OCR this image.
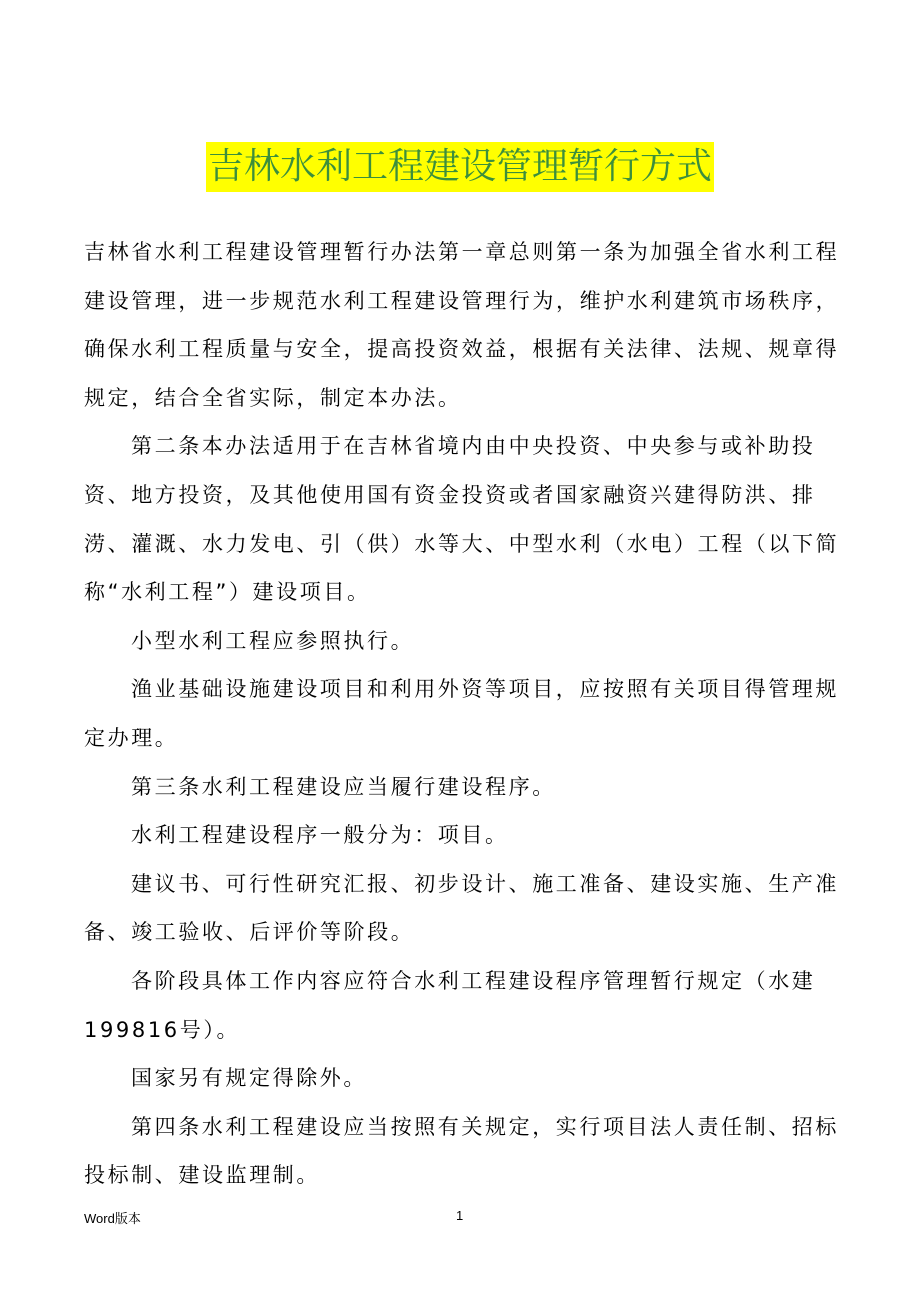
吉林水利工程建设管理暂行方式

吉林省水利工程建设管理暂行办法第一章总则第一条为加强全省水利工程建设管理，进一步规范水利工程建设管理行为，维护水利建筑市场秩序，确保水利工程质量与安全，提高投资效益，根据有关法律、法规、规章得规定，结合全省实际，制定本办法。

第二条本办法适用于在吉林省境内由中央投资、中央参与或补助投资、地方投资，及其他使用国有资金投资或者国家融资兴建得防洪、排涝、灌溉、水力发电、引（供）水等大、中型水利（水电）工程（以下简称“水利工程”）建设项目。

小型水利工程应参照执行。

渔业基础设施建设项目和利用外资等项目，应按照有关项目得管理规定办理。

第三条水利工程建设应当履行建设程序。

水利工程建设程序一般分为：项目。

建议书、可行性研究汇报、初步设计、施工准备、建设实施、生产准备、竣工验收、后评价等阶段。

各阶段具体工作内容应符合水利工程建设程序管理暂行规定（水建199816号）。

国家另有规定得除外。

第四条水利工程建设应当按照有关规定，实行项目法人责任制、招标投标制、建设监理制。

Word版本	1
